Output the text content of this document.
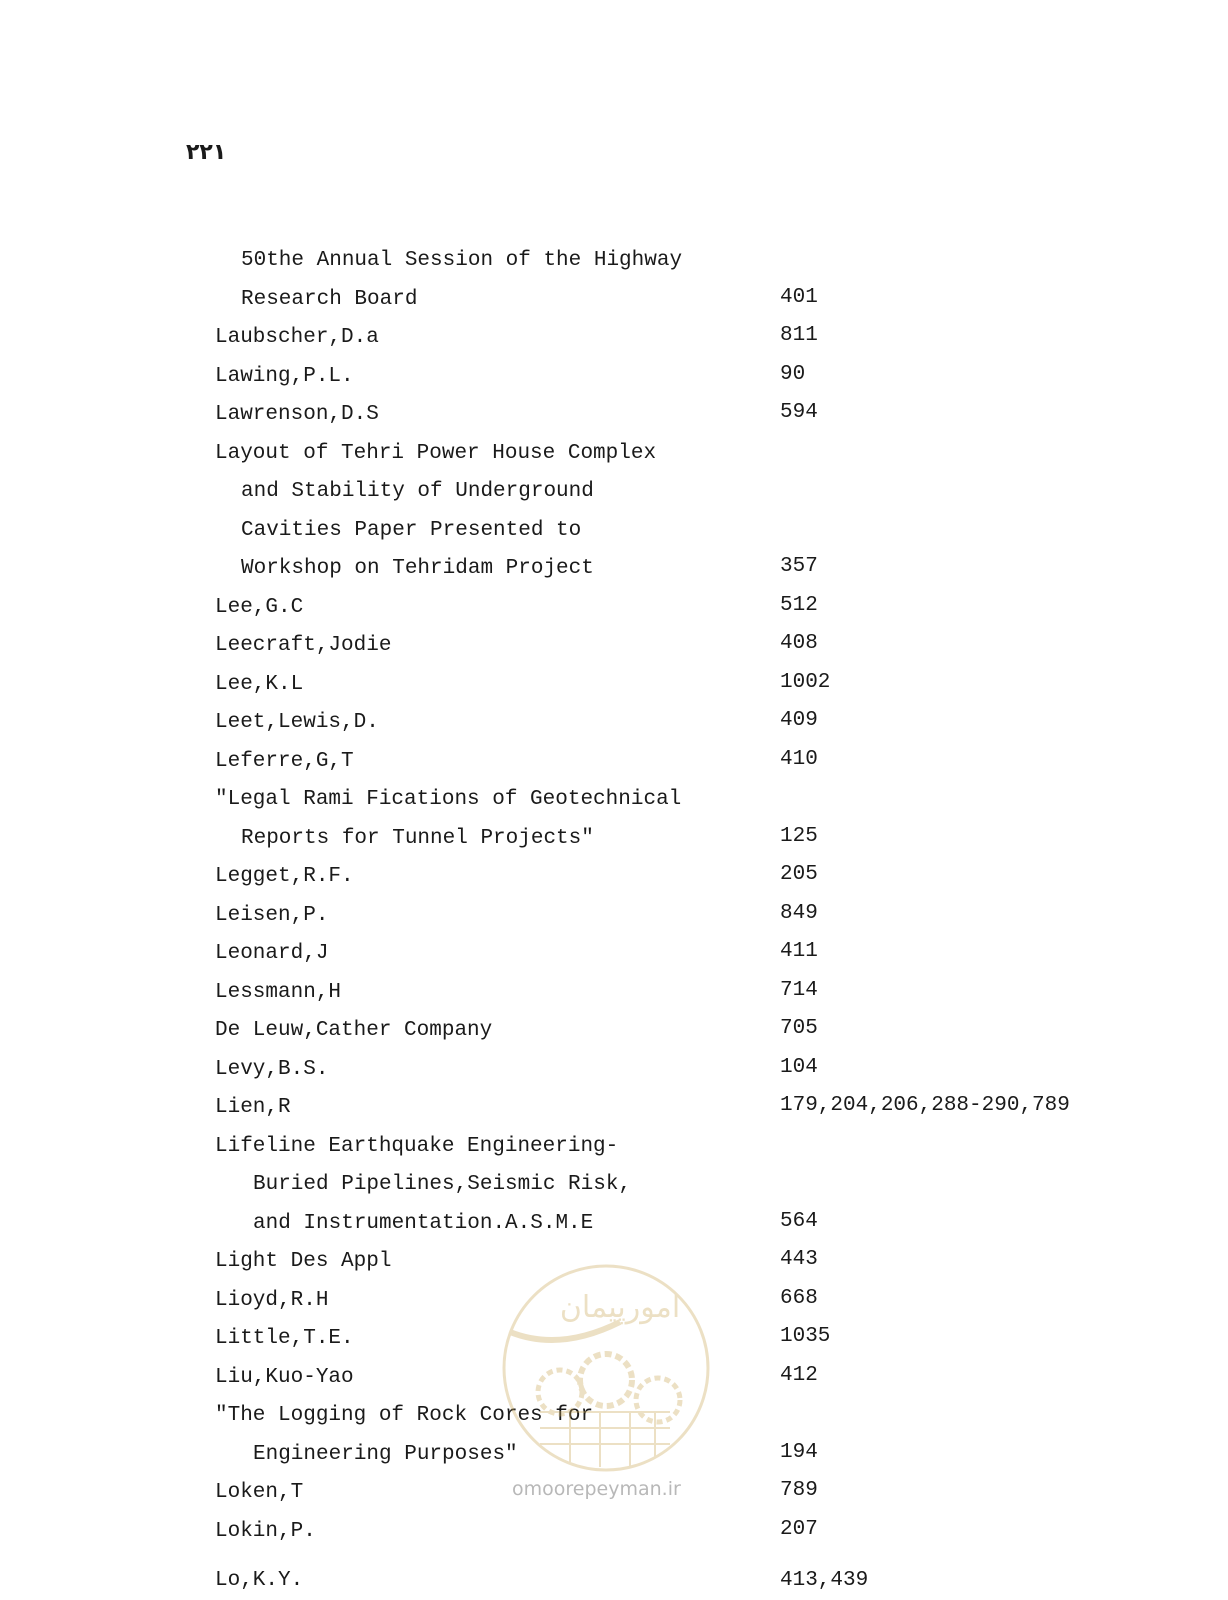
۲۲۱
50the Annual Session of the Highway
Research Board	401
Laubscher,D.a	811
Lawing,P.L.	90
Lawrenson,D.S	594
Layout of Tehri Power House Complex
and Stability of Underground
Cavities Paper Presented to
Workshop on Tehridam Project	357
Lee,G.C	512
Leecraft,Jodie	408
Lee,K.L	1002
Leet,Lewis,D.	409
Leferre,G,T	410
"Legal Rami Fications of Geotechnical
Reports for Tunnel Projects"	125
Legget,R.F.	205
Leisen,P.	849
Leonard,J	411
Lessmann,H	714
De Leuw,Cather Company	705
Levy,B.S.	104
Lien,R	179,204,206,288-290,789
Lifeline Earthquake Engineering-
Buried Pipelines,Seismic Risk,
and Instrumentation.A.S.M.E	564
Light Des Appl	443
Lioyd,R.H	668
Little,T.E.	1035
Liu,Kuo-Yao	412
"The Logging of Rock Cores for
Engineering Purposes"	194
Loken,T	789
Lokin,P.	207
امورپیمان
omoorepeyman.ir
Lo,K.Y.	413,439
